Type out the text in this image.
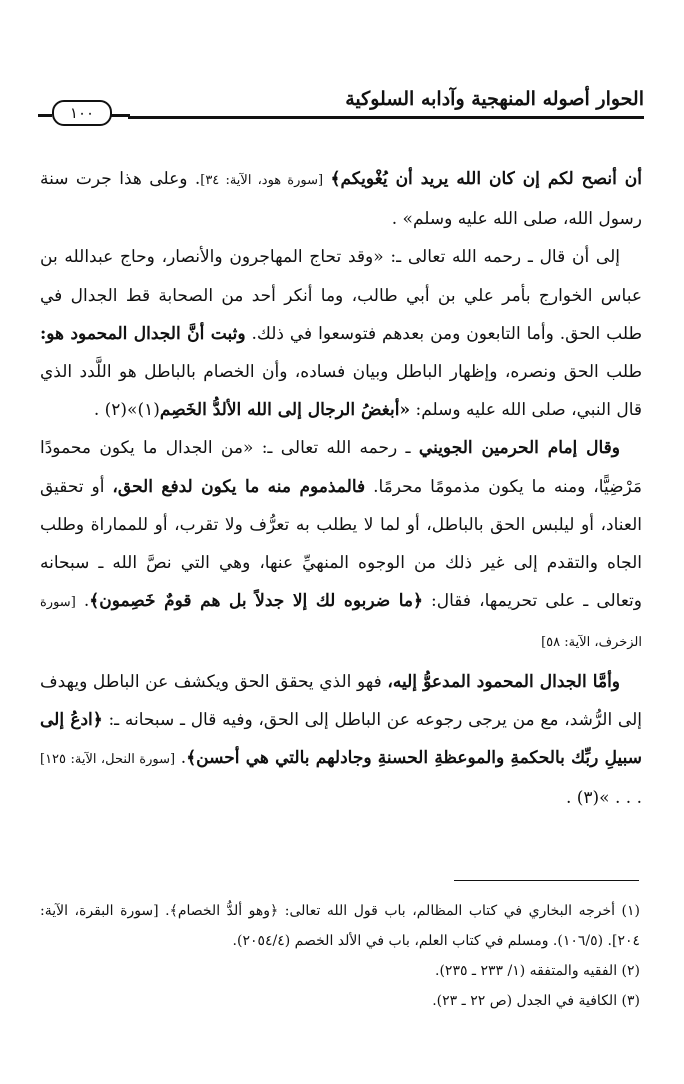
الحوار أصوله المنهجية وآدابه السلوكية
١٠٠

أن أنصح لكم إن كان الله يريد أن يُغْويكم﴾ [سورة هود، الآية: ٣٤]. وعلى هذا جرت سنة رسول الله، صلى الله عليه وسلم» .

إلى أن قال ـ رحمه الله تعالى ـ: «وقد تحاج المهاجرون والأنصار، وحاج عبدالله بن عباس الخوارج بأمر علي بن أبي طالب، وما أنكر أحد من الصحابة قط الجدال في طلب الحق. وأما التابعون ومن بعدهم فتوسعوا في ذلك. وثبت أنَّ الجدال المحمود هو: طلب الحق ونصره، وإظهار الباطل وبيان فساده، وأن الخصام بالباطل هو اللَّدد الذي قال النبي، صلى الله عليه وسلم: «أبغضُ الرجال إلى الله الألدُّ الخَصِم(١)»(٢) .

وقال إمام الحرمين الجويني ـ رحمه الله تعالى ـ: «من الجدال ما يكون محمودًا مَرْضِيًّا، ومنه ما يكون مذمومًا محرمًا. فالمذموم منه ما يكون لدفع الحق، أو تحقيق العناد، أو ليلبس الحق بالباطل، أو لما لا يطلب به تعرُّف ولا تقرب، أو للمماراة وطلب الجاه والتقدم إلى غير ذلك من الوجوه المنهيِّ عنها، وهي التي نصَّ الله ـ سبحانه وتعالى ـ على تحريمها، فقال: ﴿ما ضربوه لك إلا جدلاً بل هم قومٌ خَصِمون﴾. [سورة الزخرف، الآية: ٥٨]

وأمَّا الجدال المحمود المدعوُّ إليه، فهو الذي يحقق الحق ويكشف عن الباطل ويهدف إلى الرُّشد، مع من يرجى رجوعه عن الباطل إلى الحق، وفيه قال ـ سبحانه ـ: ﴿ادعُ إلى سبيلِ ربِّك بالحكمةِ والموعظةِ الحسنةِ وجادلهم بالتي هي أحسن﴾. [سورة النحل، الآية: ١٢٥] . . . »(٣) .

(١) أخرجه البخاري في كتاب المظالم، باب قول الله تعالى: ﴿وهو ألدُّ الخصام﴾. [سورة البقرة، الآية: ٢٠٤]. (١٠٦/٥). ومسلم في كتاب العلم، باب في الألد الخصم (٢٠٥٤/٤).

(٢) الفقيه والمتفقه (١/ ٢٣٣ ـ ٢٣٥).

(٣) الكافية في الجدل (ص ٢٢ ـ ٢٣).
